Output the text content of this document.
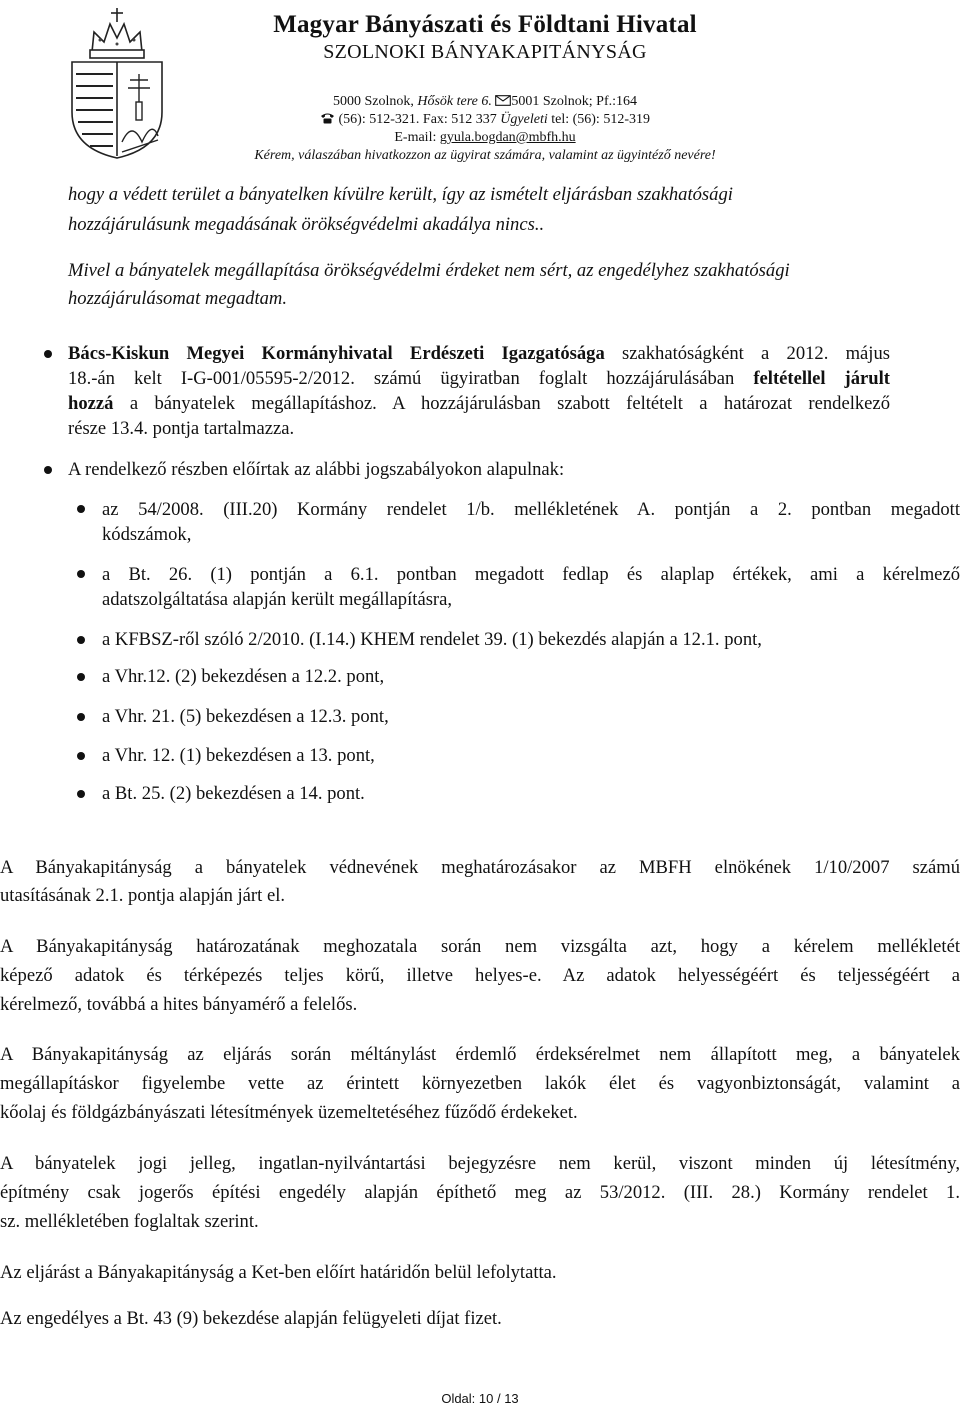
Magyar Bányászati és Földtani Hivatal
SZOLNOKI BÁNYAKAPITÁNYSÁG
5000 Szolnok, Hősök tere 6. 5001 Szolnok; Pf.:164
(56): 512-321. Fax: 512 337 Ügyeleti tel: (56): 512-319
E-mail: gyula.bogdan@mbfh.hu
Kérem, válaszában hivatkozzon az ügyirat számára, valamint az ügyintéző nevére!
hogy a védett terület a bányatelken kívülre került, így az ismételt eljárásban szakhatósági
hozzájárulásunk megadásának örökségvédelmi akadálya nincs..
Mivel a bányatelek megállapítása örökségvédelmi érdeket nem sért, az engedélyhez szakhatósági
hozzájárulásomat megadtam.
Bács-Kiskun Megyei Kormányhivatal Erdészeti Igazgatósága szakhatóságként a 2012. május
18.-án kelt I-G-001/05595-2/2012. számú ügyiratban foglalt hozzájárulásában feltétellel járult
hozzá a bányatelek megállapításhoz. A hozzájárulásban szabott feltételt a határozat rendelkező
része 13.4. pontja tartalmazza.
A rendelkező részben előírtak az alábbi jogszabályokon alapulnak:
az 54/2008. (III.20) Kormány rendelet 1/b. mellékletének A. pontján a 2. pontban megadott
kódszámok,
a Bt. 26. (1) pontján a 6.1. pontban megadott fedlap és alaplap értékek, ami a kérelmező
adatszolgáltatása alapján került megállapításra,
a KFBSZ-ről szóló 2/2010. (I.14.) KHEM rendelet 39. (1) bekezdés alapján a 12.1. pont,
a Vhr.12. (2) bekezdésen a 12.2. pont,
a Vhr. 21. (5) bekezdésen a 12.3. pont,
a Vhr. 12. (1) bekezdésen a 13. pont,
a Bt. 25. (2) bekezdésen a 14. pont.
A Bányakapitányság a bányatelek védnevének meghatározásakor az MBFH elnökének 1/10/2007 számú
utasításának 2.1. pontja alapján járt el.
A Bányakapitányság határozatának meghozatala során nem vizsgálta azt, hogy a kérelem mellékletét
képező adatok és térképezés teljes körű, illetve helyes-e. Az adatok helyességéért és teljességéért a
kérelmező, továbbá a hites bányamérő a felelős.
A Bányakapitányság az eljárás során méltánylást érdemlő érdeksérelmet nem állapított meg, a bányatelek
megállapításkor figyelembe vette az érintett környezetben lakók élet és vagyonbiztonságát, valamint a
kőolaj és földgázbányászati létesítmények üzemeltetéséhez fűződő érdekeket.
A bányatelek jogi jelleg, ingatlan-nyilvántartási bejegyzésre nem kerül, viszont minden új létesítmény,
építmény csak jogerős építési engedély alapján építhető meg az 53/2012. (III. 28.) Kormány rendelet 1.
sz. mellékletében foglaltak szerint.
Az eljárást a Bányakapitányság a Ket-ben előírt határidőn belül lefolytatta.
Az engedélyes a Bt. 43 (9) bekezdése alapján felügyeleti díjat fizet.
Oldal: 10 / 13
